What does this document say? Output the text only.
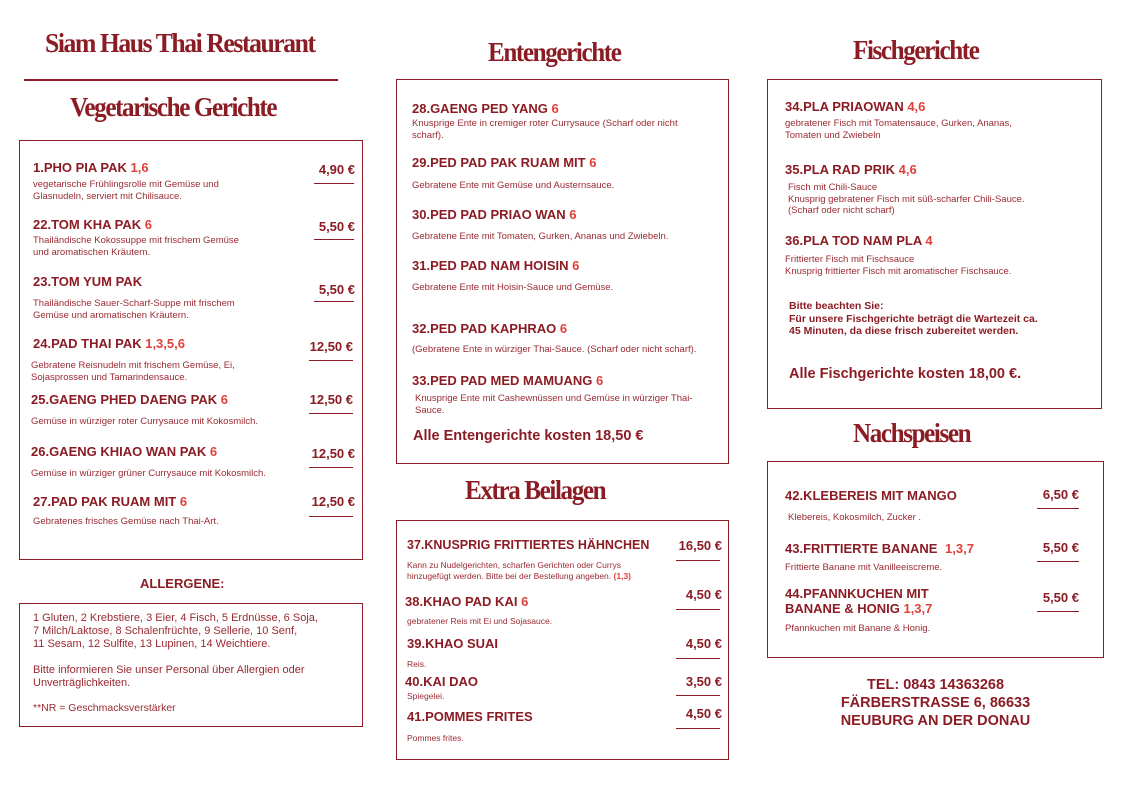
Siam Haus Thai Restaurant
Vegetarische Gerichte
1.PHO PIA PAK 1,6
vegetarische Frühlingsrolle mit Gemüse und
Glasnudeln, serviert mit Chilisauce.
4,90 €
22.TOM KHA PAK 6
Thailändische Kokossuppe mit frischem Gemüse
und aromatischen Kräutern.
5,50 €
23.TOM YUM PAK
Thailändische Sauer-Scharf-Suppe mit frischem
Gemüse und aromatischen Kräutern.
5,50 €
24.PAD THAI PAK 1,3,5,6
Gebratene Reisnudeln mit frischem Gemüse, Ei,
Sojasprossen und Tamarindensauce.
12,50 €
25.GAENG PHED DAENG PAK 6
Gemüse in würziger roter Currysauce mit Kokosmilch.
12,50 €
26.GAENG KHIAO WAN PAK 6
Gemüse in würziger grüner Currysauce mit Kokosmilch.
12,50 €
27.PAD PAK RUAM MIT 6
Gebratenes frisches Gemüse nach Thai-Art.
12,50 €
ALLERGENE:
1 Gluten, 2 Krebstiere, 3 Eier, 4 Fisch, 5 Erdnüsse, 6 Soja,
7 Milch/Laktose, 8 Schalenfrüchte, 9 Sellerie, 10 Senf,
11 Sesam, 12 Sulfite, 13 Lupinen, 14 Weichtiere.
Bitte informieren Sie unser Personal über Allergien oder
Unverträglichkeiten.
**NR = Geschmacksverstärker
Entengerichte
28.GAENG PED YANG 6
Knusprige Ente in cremiger roter Currysauce (Scharf oder nicht
scharf).
29.PED PAD PAK RUAM MIT 6
Gebratene Ente mit Gemüse und Austernsauce.
30.PED PAD PRIAO WAN 6
Gebratene Ente mit Tomaten, Gurken, Ananas und Zwiebeln.
31.PED PAD NAM HOISIN 6
Gebratene Ente mit Hoisin-Sauce und Gemüse.
32.PED PAD KAPHRAO 6
(Gebratene Ente in würziger Thai-Sauce. (Scharf oder nicht scharf).
33.PED PAD MED MAMUANG 6
Knusprige Ente mit Cashewnüssen und Gemüse in würziger Thai-
Sauce.
Alle Entengerichte kosten 18,50 €
Extra Beilagen
37.KNUSPRIG FRITTIERTES HÄHNCHEN
Kann zu Nudelgerichten, scharfen Gerichten oder Currys
hinzugefügt werden. Bitte bei der Bestellung angeben. (1,3)
16,50 €
38.KHAO PAD KAI 6
gebratener Reis mit Ei und Sojasauce.
4,50 €
39.KHAO SUAI
Reis.
4,50 €
40.KAI DAO
Spiegelei.
3,50 €
41.POMMES FRITES
Pommes frites.
4,50 €
Fischgerichte
34.PLA PRIAOWAN 4,6
gebratener Fisch mit Tomatensauce, Gurken, Ananas,
Tomaten und Zwiebeln
35.PLA RAD PRIK 4,6
Fisch mit Chili-Sauce
Knusprig gebratener Fisch mit süß-scharfer Chili-Sauce.
(Scharf oder nicht scharf)
36.PLA TOD NAM PLA 4
Frittierter Fisch mit Fischsauce
Knusprig frittierter Fisch mit aromatischer Fischsauce.
Bitte beachten Sie:
Für unsere Fischgerichte beträgt die Wartezeit ca.
45 Minuten, da diese frisch zubereitet werden.
Alle Fischgerichte kosten 18,00 €.
Nachspeisen
42.KLEBEREIS MIT MANGO
Klebereis, Kokosmilch, Zucker .
6,50 €
43.FRITTIERTE BANANE 1,3,7
Frittierte Banane mit Vanilleeiscreme.
5,50 €
44.PFANNKUCHEN MIT
BANANE & HONIG 1,3,7
Pfannkuchen mit Banane & Honig.
5,50 €
TEL: 0843 14363268
FÄRBERSTRASSE 6, 86633
NEUBURG AN DER DONAU
